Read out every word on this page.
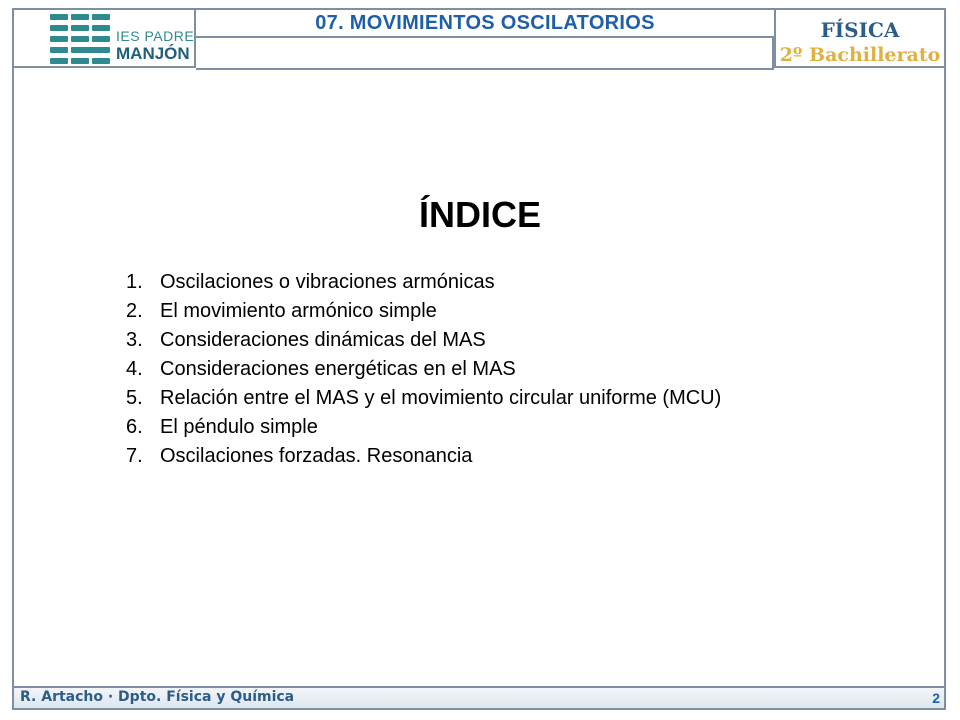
IES PADRE
MANJÓN
07. MOVIMIENTOS OSCILATORIOS	FÍSICA
2º Bachillerato
ÍNDICE
1. Oscilaciones o vibraciones armónicas
2. El movimiento armónico simple
3. Consideraciones dinámicas del MAS
4. Consideraciones energéticas en el MAS
5. Relación entre el MAS y el movimiento circular uniforme (MCU)
6. El péndulo simple
7. Oscilaciones forzadas. Resonancia
R. Artacho · Dpto. Física y Química	2
